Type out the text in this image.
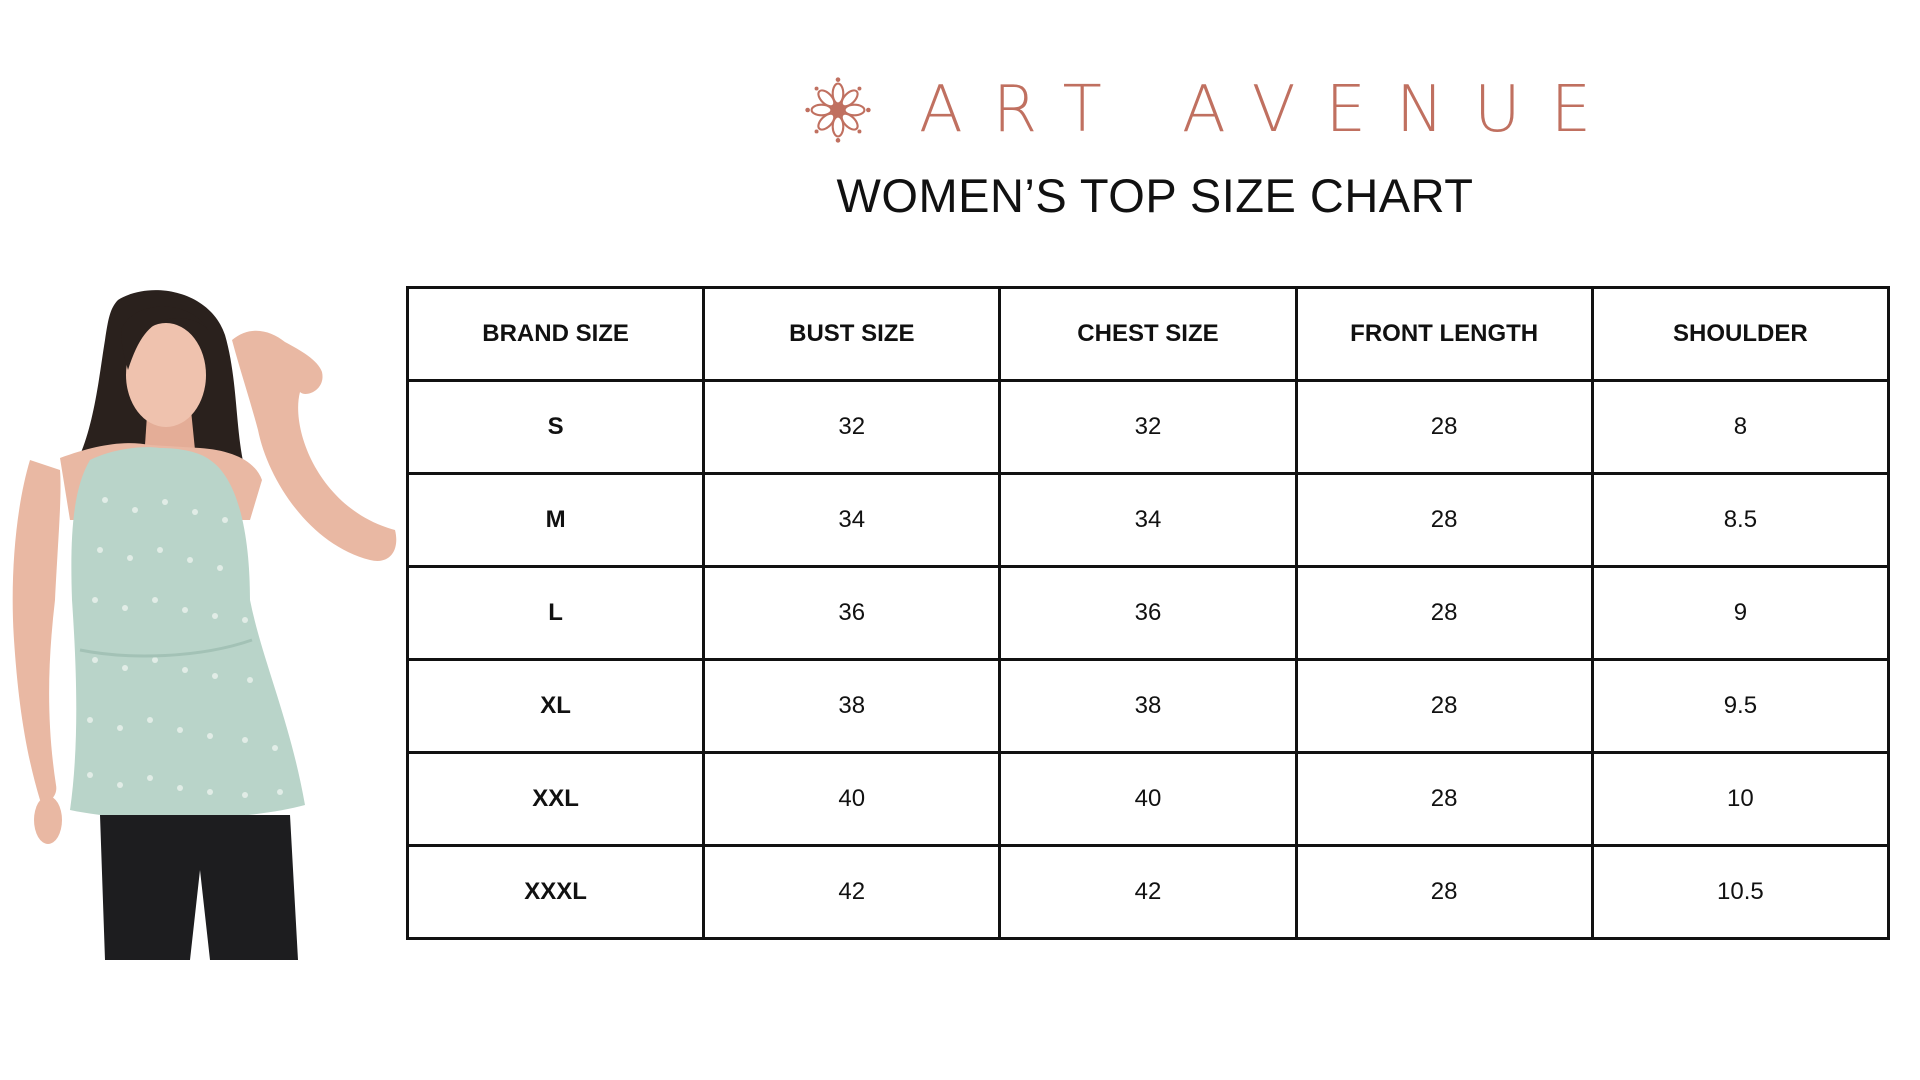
ART AVENUE
WOMEN’S TOP SIZE CHART
BRAND SIZE	BUST SIZE	CHEST SIZE	FRONT LENGTH	SHOULDER
S	32	32	28	8
M	34	34	28	8.5
L	36	36	28	9
XL	38	38	28	9.5
XXL	40	40	28	10
XXXL	42	42	28	10.5
